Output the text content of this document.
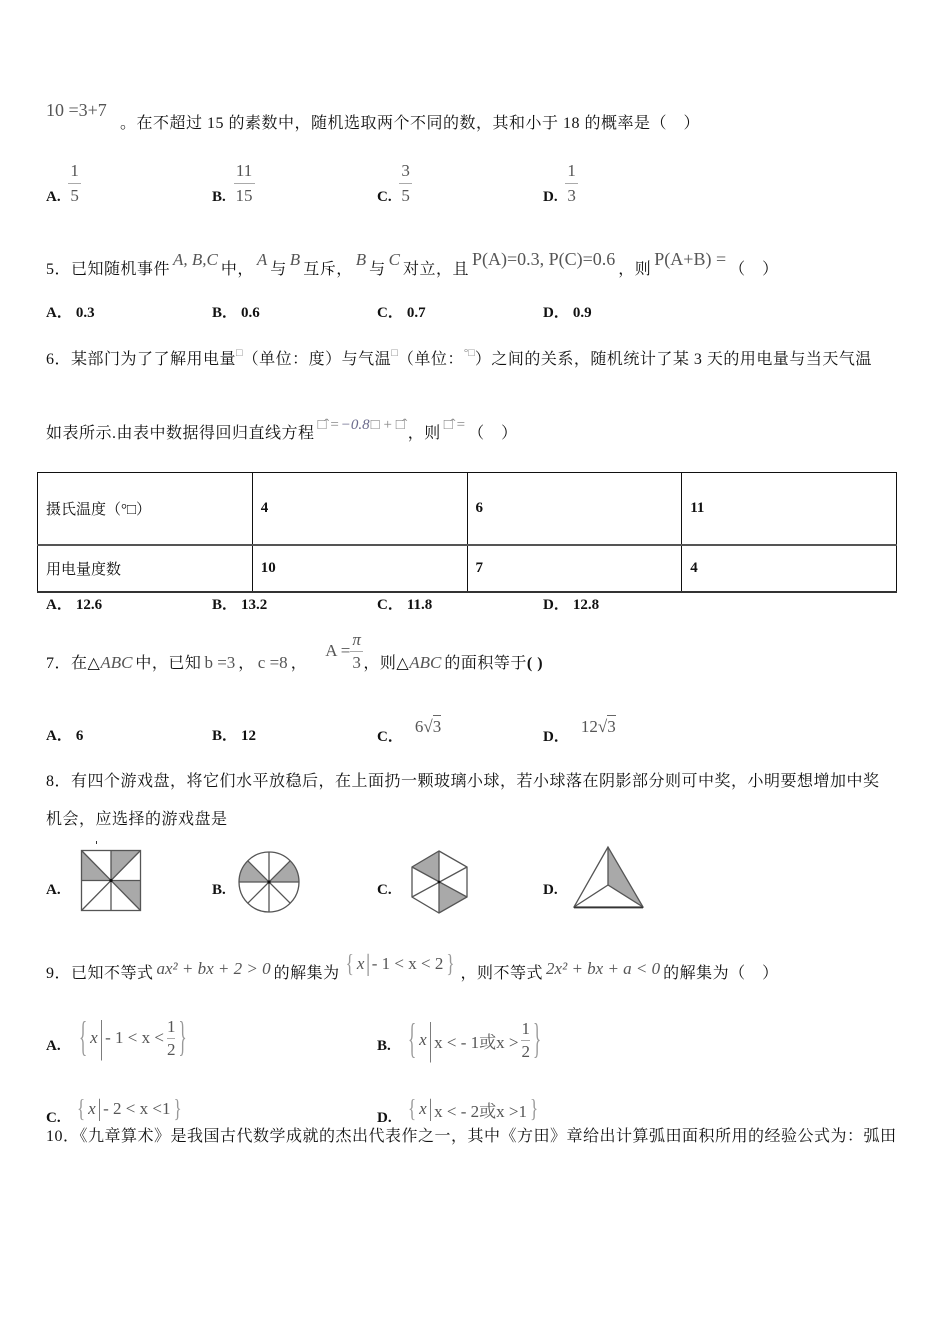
10 =3+7
。在不超过 15 的素数中，随机选取两个不同的数，其和小于 18 的概率是（　）
A. $\frac{1}{5}$	B. $\frac{11}{15}$	C. $\frac{3}{5}$	D. $\frac{1}{3}$
5．已知随机事件A, B,C中，A与B互斥，B与C对立，且P(A)=0.3, P(C)=0.6，则P(A+B) =（　）
A． 0.3	B． 0.6	C． 0.7	D． 0.9
6．某部门为了了解用电量□（单位：度）与气温□（单位：°□）之间的关系，随机统计了某 3 天的用电量与当天气温
如表所示.由表中数据得回归直线方程 □̂ = −0.8□ + □̂ ，则 □̂ = （　）
摄氏温度（°□）	4	6	11
用电量度数	10	7	4
A． 12.6	B． 13.2	C． 11.8	D． 12.8
7．在△ABC 中，已知 b =3 ， c =8 ，$A = \frac{\pi}{3}$ ，则△ABC 的面积等于( )
A． 6	B． 12	C．6√3
D．12√3
8．有四个游戏盘，将它们水平放稳后，在上面扔一颗玻璃小球，若小球落在阴影部分则可中奖，小明要想增加中奖
机会，应选择的游戏盘是
A.	B.	C.	D.
9．已知不等式 ax² + bx + 2 > 0 的解集为 { x | - 1 < x < 2 } ，则不等式 2x² + bx + a < 0 的解集为（　）
A. { x | - 1 < x <
1
2 }	B. { x | x < - 1或x >
1
2 }
C. { x | - 2 < x <1 }	D. { x | x < - 2或x >1 }
10．《九章算术》是我国古代数学成就的杰出代表作之一，其中《方田》章给出计算弧田面积所用的经验公式为：弧田
